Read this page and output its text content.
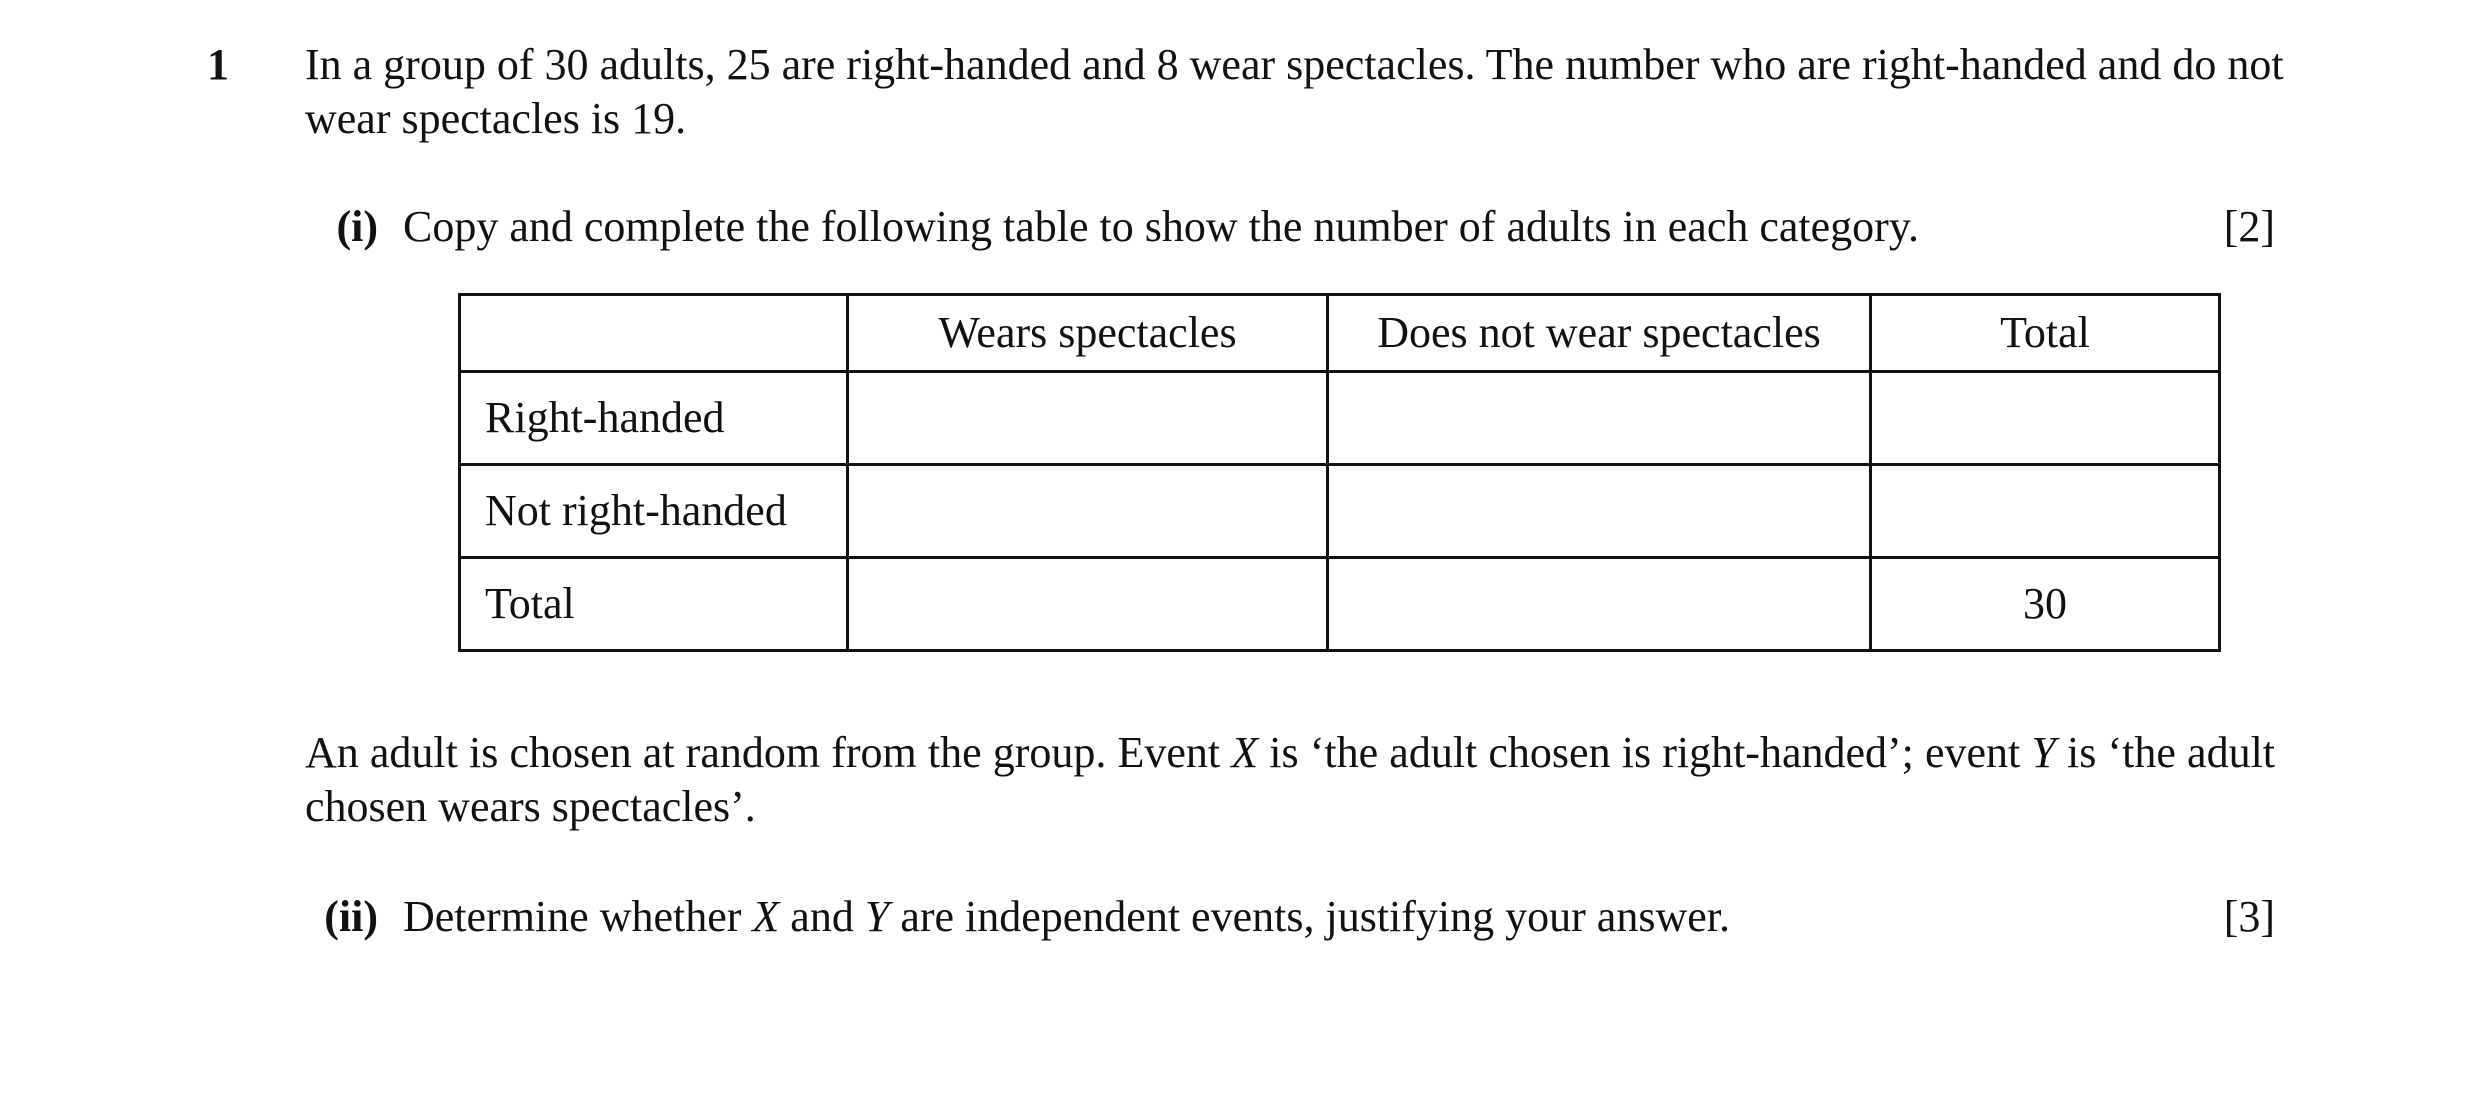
1 In a group of 30 adults, 25 are right-handed and 8 wear spectacles. The number who are right-handed and do not wear spectacles is 19.

(i) Copy and complete the following table to show the number of adults in each category.	[2]
	Wears spectacles	Does not wear spectacles	Total
Right-handed			
Not right-handed			
Total			30

An adult is chosen at random from the group. Event X is ‘the adult chosen is right-handed’; event Y is ‘the adult chosen wears spectacles’.

(ii) Determine whether X and Y are independent events, justifying your answer.	[3]
